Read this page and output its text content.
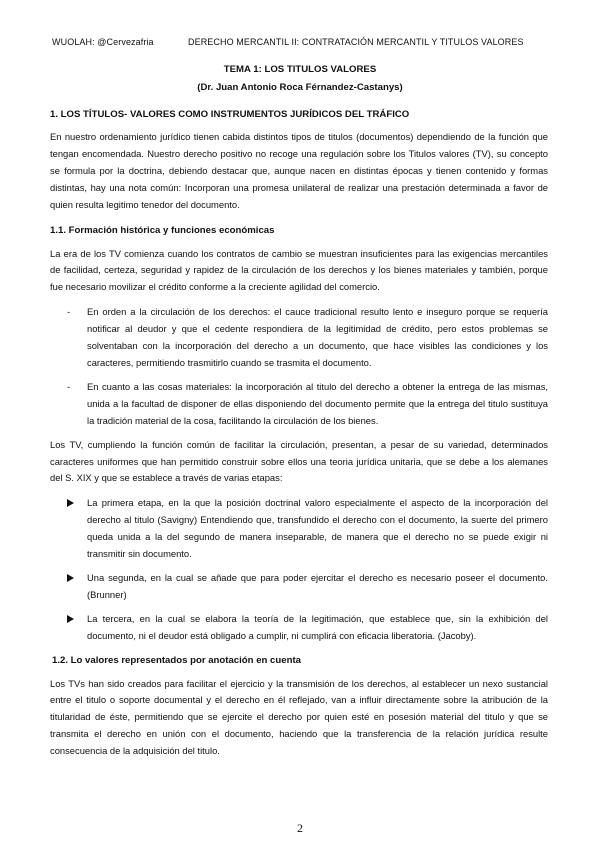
WUOLAH: @Cervezafria	DERECHO MERCANTIL II: CONTRATACIÓN MERCANTIL Y TITULOS VALORES
TEMA 1: LOS TITULOS VALORES
(Dr. Juan Antonio Roca Férnandez-Castanys)
1. LOS TÍTULOS- VALORES COMO INSTRUMENTOS JURÍDICOS DEL TRÁFICO

En nuestro ordenamiento jurídico tienen cabida distintos tipos de titulos (documentos) dependiendo de la función que tengan encomendada. Nuestro derecho positivo no recoge una regulación sobre los Titulos valores (TV), su concepto se formula por la doctrina, debiendo destacar que, aunque nacen en distintas épocas y tienen contenido y formas distintas, hay una nota común: Incorporan una promesa unilateral de realizar una prestación determinada a favor de quien resulta legitimo tenedor del documento.

1.1. Formación histórica y funciones económicas

La era de los TV comienza cuando los contratos de cambio se muestran insuficientes para las exigencias mercantiles de facilidad, certeza, seguridad y rapidez de la circulación de los derechos y los bienes materiales y también, porque fue necesario movilizar el crédito conforme a la creciente agilidad del comercio.

-	En orden a la circulación de los derechos: el cauce tradicional resulto lento e inseguro porque se requería notificar al deudor y que el cedente respondiera de la legitimidad de crédito, pero estos problemas se solventaban con la incorporación del derecho a un documento, que hace visibles las condiciones y los caracteres, permitiendo trasmitirlo cuando se trasmita el documento.

-	En cuanto a las cosas materiales: la incorporación al titulo del derecho a obtener la entrega de las mismas, unida a la facultad de disponer de ellas disponiendo del documento permite que la entrega del titulo sustituya la tradición material de la cosa, facilitando la circulación de los bienes.

Los TV, cumpliendo la función común de facilitar la circulación, presentan, a pesar de su variedad, determinados caracteres uniformes que han permitido construir sobre ellos una teoria jurídica unitaria, que se debe a los alemanes del S. XIX y que se establece a través de varias etapas:

La primera etapa, en la que la posición doctrinal valoro especialmente el aspecto de la incorporación del derecho al titulo (Savigny) Entendiendo que, transfundido el derecho con el documento, la suerte del primero queda unida a la del segundo de manera inseparable, de manera que el derecho no se puede exigir ni transmitir sin documento.

Una segunda, en la cual se añade que para poder ejercitar el derecho es necesario poseer el documento. (Brunner)

La tercera, en la cual se elabora la teoría de la legitimación, que establece que, sin la exhibición del documento, ni el deudor está obligado a cumplir, ni cumplirá con eficacia liberatoria. (Jacoby).

1.2. Lo valores representados por anotación en cuenta

Los TVs han sido creados para facilitar el ejercicio y la transmisión de los derechos, al establecer un nexo sustancial entre el titulo o soporte documental y el derecho en él reflejado, van a influir directamente sobre la atribución de la titularidad de éste, permitiendo que se ejercite el derecho por quien esté en posesión material del titulo y que se transmita el derecho en unión con el documento, haciendo que la transferencia de la relación jurídica resulte consecuencia de la adquisición del titulo.

2
